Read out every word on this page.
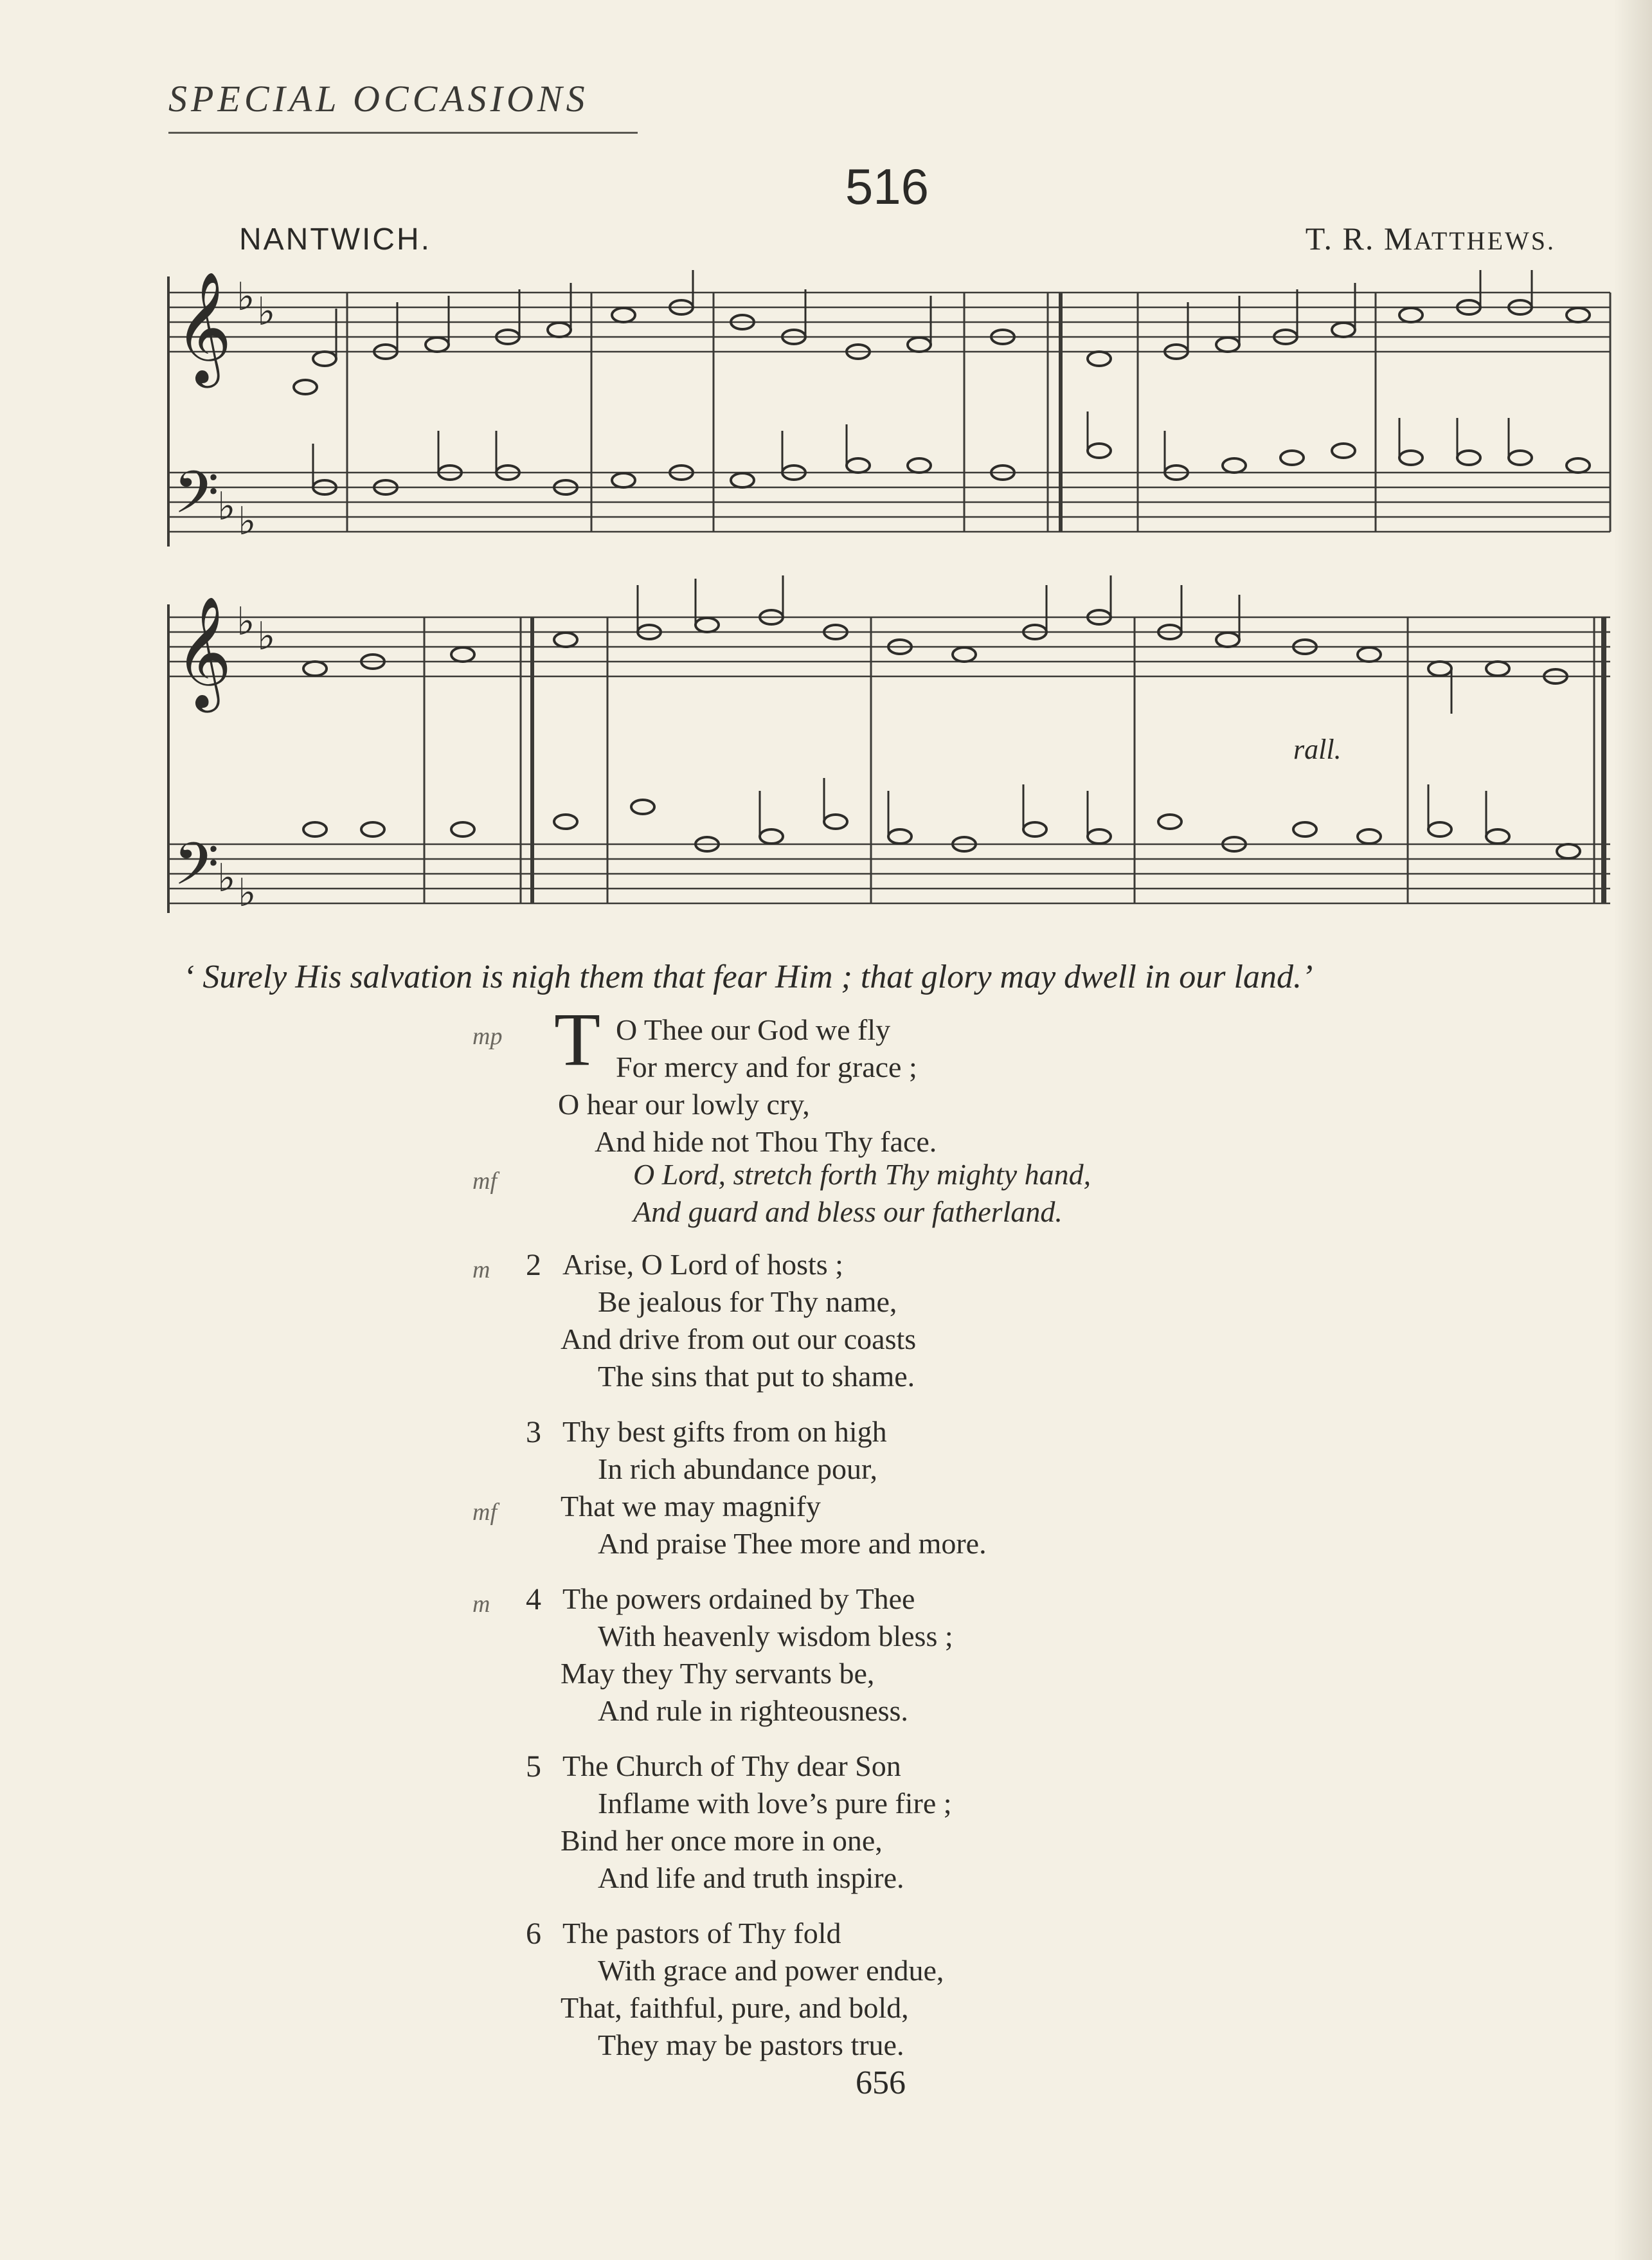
SPECIAL OCCASIONS
516
NANTWICH.	T. R. MATTHEWS.
𝄞
𝄢
𝄞
𝄢
♭ ♭
♭ ♭
♭ ♭
♭ ♭
rall.
‘ Surely His salvation is nigh them that fear Him ; that glory may dwell in our land.’
mp T O Thee our God we fly
For mercy and for grace ;
O hear our lowly cry,
And hide not Thou Thy face.
mf	O Lord, stretch forth Thy mighty hand,
And guard and bless our fatherland.
m 2 Arise, O Lord of hosts ;
Be jealous for Thy name,
And drive from out our coasts
The sins that put to shame.
3 Thy best gifts from on high
In rich abundance pour,
mf That we may magnify
And praise Thee more and more.
m 4 The powers ordained by Thee
With heavenly wisdom bless ;
May they Thy servants be,
And rule in righteousness.
5 The Church of Thy dear Son
Inflame with love’s pure fire ;
Bind her once more in one,
And life and truth inspire.
6 The pastors of Thy fold
With grace and power endue,
That, faithful, pure, and bold,
They may be pastors true.
656
